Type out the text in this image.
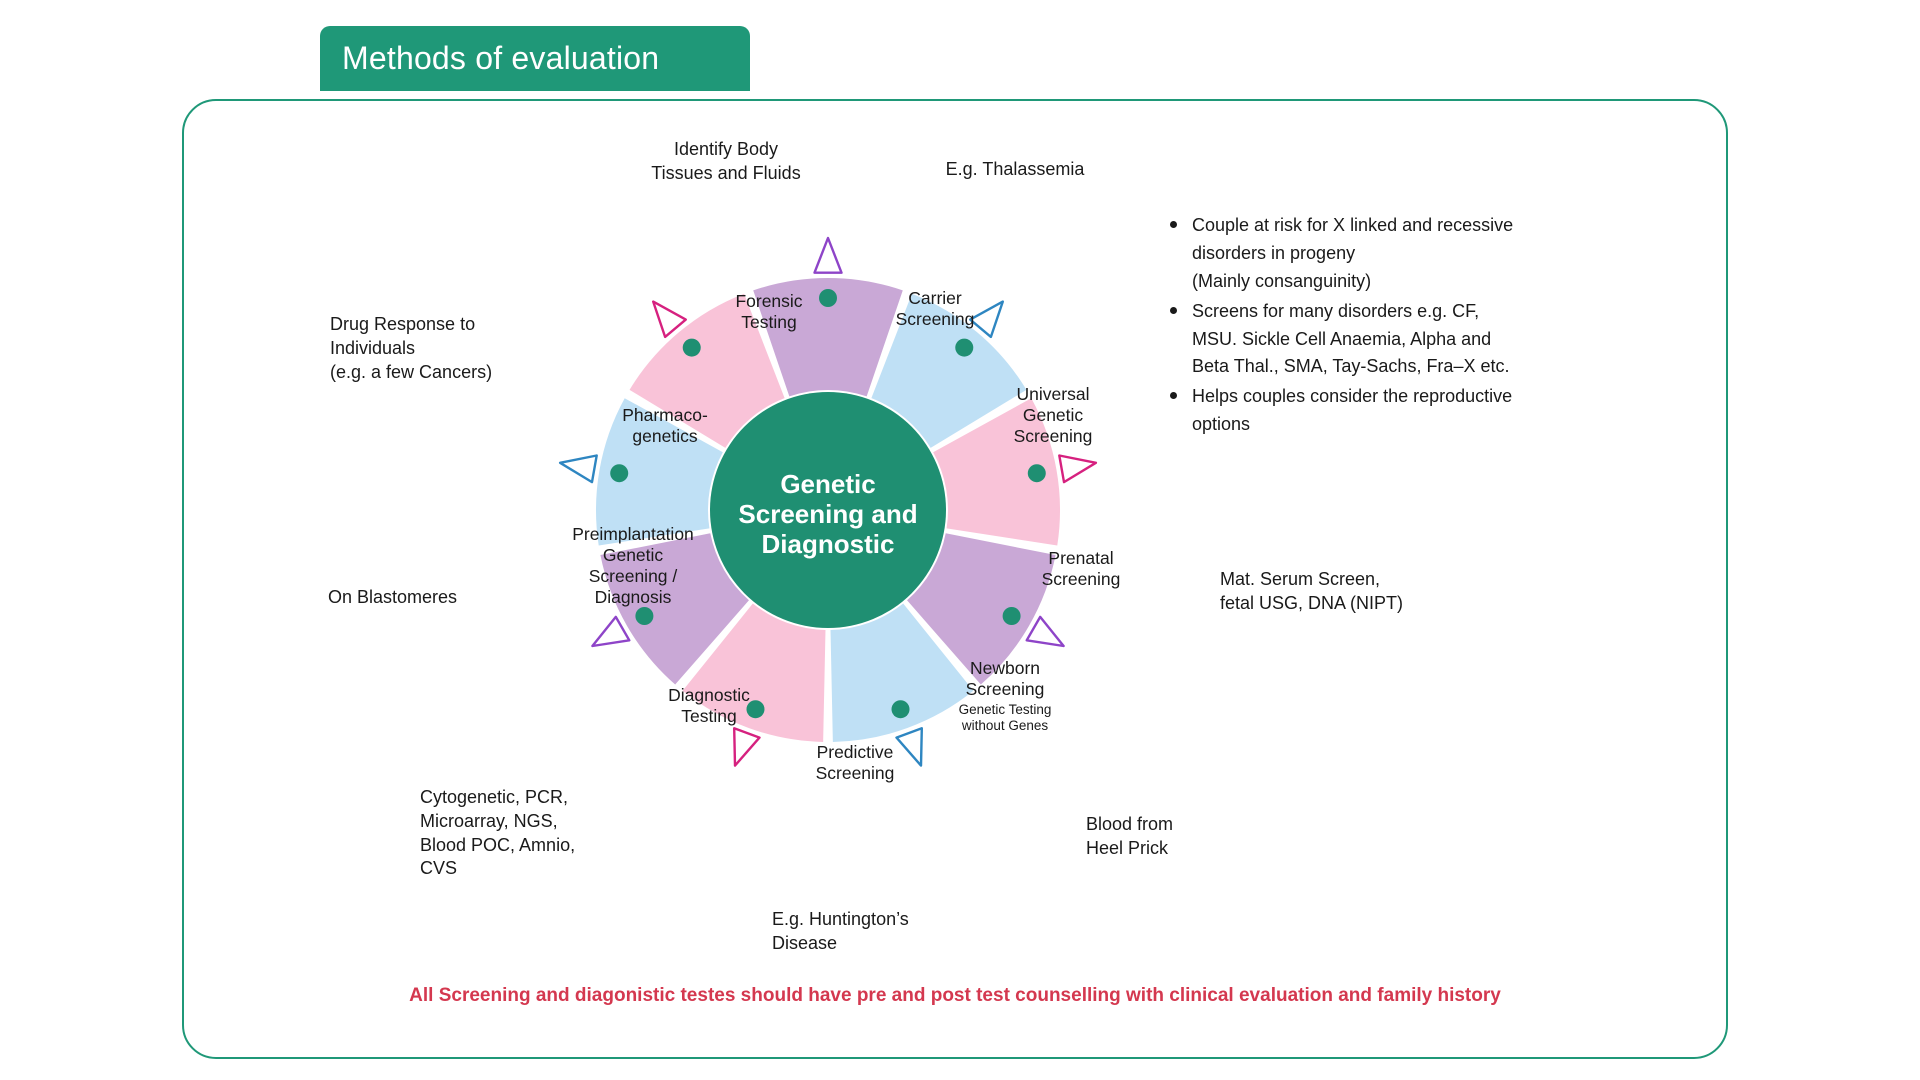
Methods of evaluation
Genetic
Screening and
Diagnostic
Forensic
Testing
Carrier
Screening
Universal
Genetic
Screening
Prenatal
Screening
Newborn
Screening
Genetic Testing
without Genes
Predictive
Screening
Diagnostic
Testing
Preimplantation
Genetic
Screening /
Diagnosis
Pharmaco-
genetics
Identify Body
Tissues and Fluids	E.g. Thalassemia
Mat. Serum Screen,
fetal USG, DNA (NIPT)
Blood from
Heel Prick
E.g. Huntington’s
Disease
Cytogenetic, PCR,
Microarray, NGS,
Blood POC, Amnio,
CVS
On Blastomeres
Drug Response to
Individuals
(e.g. a few Cancers)
Couple at risk for X linked and recessive
disorders in progeny
(Mainly consanguinity)
Screens for many disorders e.g. CF,
MSU. Sickle Cell Anaemia, Alpha and
Beta Thal., SMA, Tay-Sachs, Fra–X etc.
Helps couples consider the reproductive
options
All Screening and diagonistic testes should have pre and post test counselling with clinical evaluation and family history
